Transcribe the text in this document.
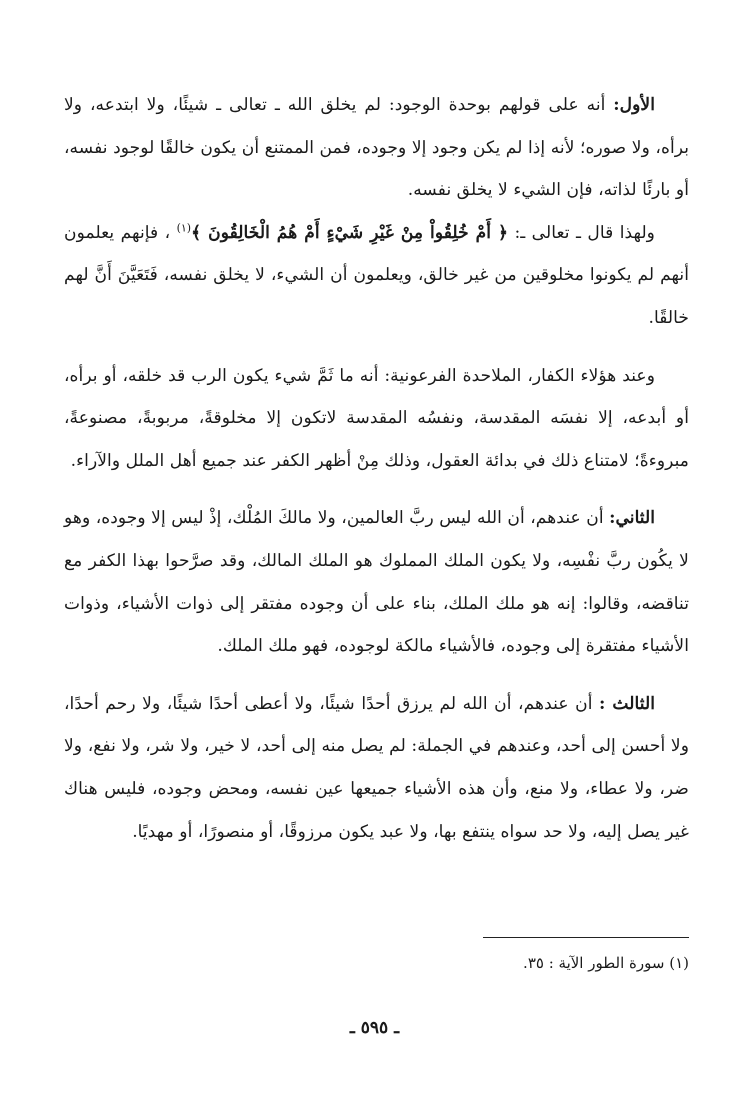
الأول: أنه على قولهم بوحدة الوجود: لم يخلق الله ـ تعالى ـ شيئًا، ولا ابتدعه، ولا برأه، ولا صوره؛ لأنه إذا لم يكن وجود إلا وجوده، فمن الممتنع أن يكون خالقًا لوجود نفسه، أو بارئًا لذاته، فإن الشيء لا يخلق نفسه.

ولهذا قال ـ تعالى ـ: ﴿ أَمْ خُلِقُواْ مِنْ غَيْرِ شَيْءٍ أَمْ هُمُ الْخَالِقُونَ ﴾$^{(١)}$ ، فإنهم يعلمون أنهم لم يكونوا مخلوقين من غير خالق، ويعلمون أن الشيء، لا يخلق نفسه، فَتَعَيَّنَ أَنَّ لهم خالقًا.

وعند هؤلاء الكفار، الملاحدة الفرعونية: أنه ما ثَمَّ شيء يكون الرب قد خلقه، أو برأه، أو أبدعه، إلا نفسَه المقدسة، ونفسُه المقدسة لاتكون إلا مخلوقةً، مربوبةً، مصنوعةً، مبروءةً؛ لامتناع ذلك في بدائة العقول، وذلك مِنْ أظهر الكفر عند جميع أهل الملل والآراء.

الثاني: أن عندهم، أن الله ليس ربَّ العالمين، ولا مالكَ المُلْك، إذْ ليس إلا وجوده، وهو لا يكُون ربَّ نفْسِه، ولا يكون الملك المملوك هو الملك المالك، وقد صرَّحوا بهذا الكفر مع تناقضه، وقالوا: إنه هو ملك الملك، بناء على أن وجوده مفتقر إلى ذوات الأشياء، وذوات الأشياء مفتقرة إلى وجوده، فالأشياء مالكة لوجوده، فهو ملك الملك.

الثالث : أن عندهم، أن الله لم يرزق أحدًا شيئًا، ولا أعطى أحدًا شيئًا، ولا رحم أحدًا، ولا أحسن إلى أحد، وعندهم في الجملة: لم يصل منه إلى أحد، لا خير، ولا شر، ولا نفع، ولا ضر، ولا عطاء، ولا منع، وأن هذه الأشياء جميعها عين نفسه، ومحض وجوده، فليس هناك غير يصل إليه، ولا حد سواه ينتفع بها، ولا عبد يكون مرزوقًا، أو منصورًا، أو مهديًا.

(١) سورة الطور الآية : ٣٥.
ـ ٥٩٥ ـ
